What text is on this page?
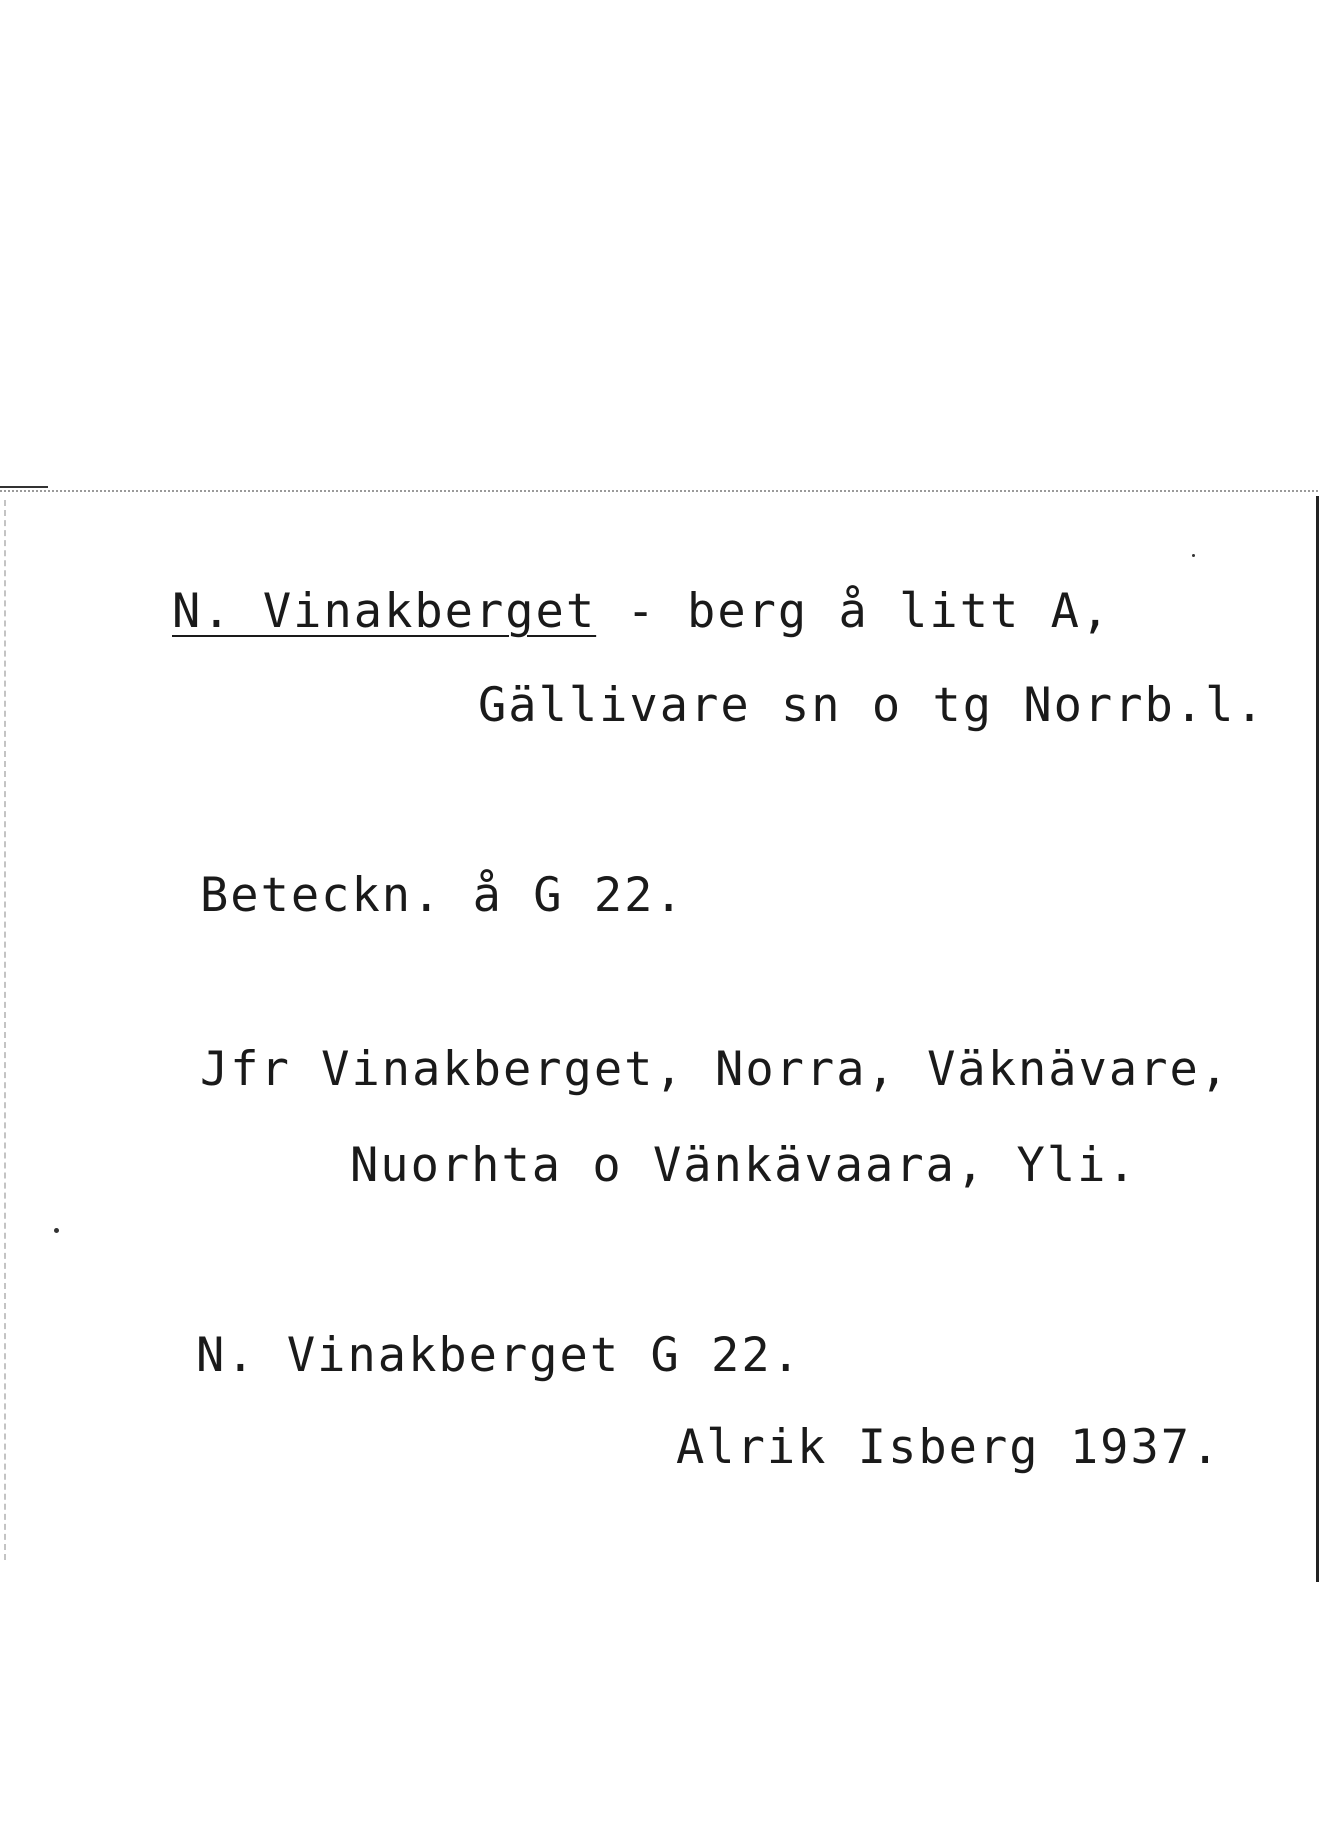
N. Vinakberget - berg å litt A,
Gällivare sn o tg Norrb.l.
Beteckn. å G 22.
Jfr Vinakberget, Norra, Väknävare,
Nuorhta o Vänkävaara, Yli.
N. Vinakberget G 22.
Alrik Isberg 1937.
